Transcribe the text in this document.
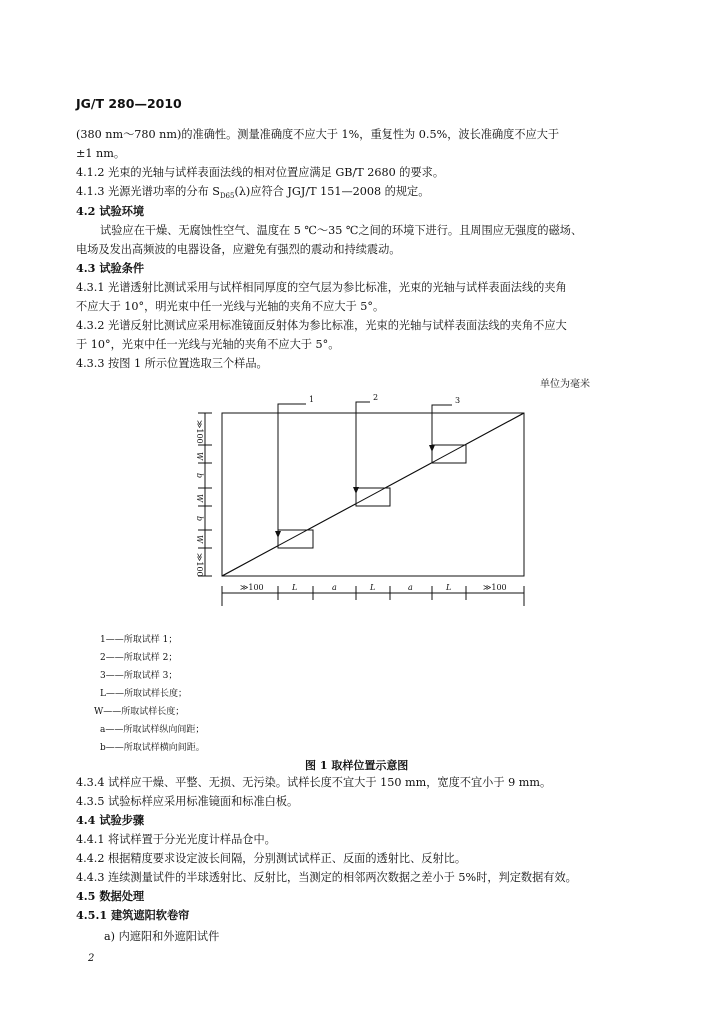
JG/T 280—2010
(380 nm～780 nm)的准确性。测量准确度不应大于 1%，重复性为 0.5%，波长准确度不应大于
±1 nm。
4.1.2 光束的光轴与试样表面法线的相对位置应满足 GB/T 2680 的要求。
4.1.3 光源光谱功率的分布 $S_{D65}(\lambda)$应符合 JGJ/T 151—2008 的规定。
4.2 试验环境
试验应在干燥、无腐蚀性空气、温度在 5 ℃～35 ℃之间的环境下进行。且周围应无强度的磁场、
电场及发出高频波的电器设备，应避免有强烈的震动和持续震动。
4.3 试验条件
4.3.1 光谱透射比测试采用与试样相同厚度的空气层为参比标准，光束的光轴与试样表面法线的夹角
不应大于 10°，明光束中任一光线与光轴的夹角不应大于 5°。
4.3.2 光谱反射比测试应采用标准镜面反射体为参比标准，光束的光轴与试样表面法线的夹角不应大
于 10°，光束中任一光线与光轴的夹角不应大于 5°。
4.3.3 按图 1 所示位置选取三个样品。
4.3.4 试样应干燥、平整、无损、无污染。试样长度不宜大于 150 mm，宽度不宜小于 9 mm。
4.3.5 试验标样应采用标准镜面和标准白板。
4.4 试验步骤
4.4.1 将试样置于分光光度计样品仓中。
4.4.2 根据精度要求设定波长间隔，分别测试试样正、反面的透射比、反射比。
4.4.3 连续测量试件的半球透射比、反射比，当测定的相邻两次数据之差小于 5%时，判定数据有效。
4.5 数据处理
4.5.1 建筑遮阳软卷帘
a) 内遮阳和外遮阳试件
单位为毫米
1	2	3
≫100	L	a	L	a	L	≫100
≫100
W
b
W
b
W
≫100
1——所取试样 1；
2——所取试样 2；
3——所取试样 3；
L——所取试样长度；
W——所取试样长度；
a——所取试样纵向间距；
b——所取试样横向间距。
图 1 取样位置示意图
2
